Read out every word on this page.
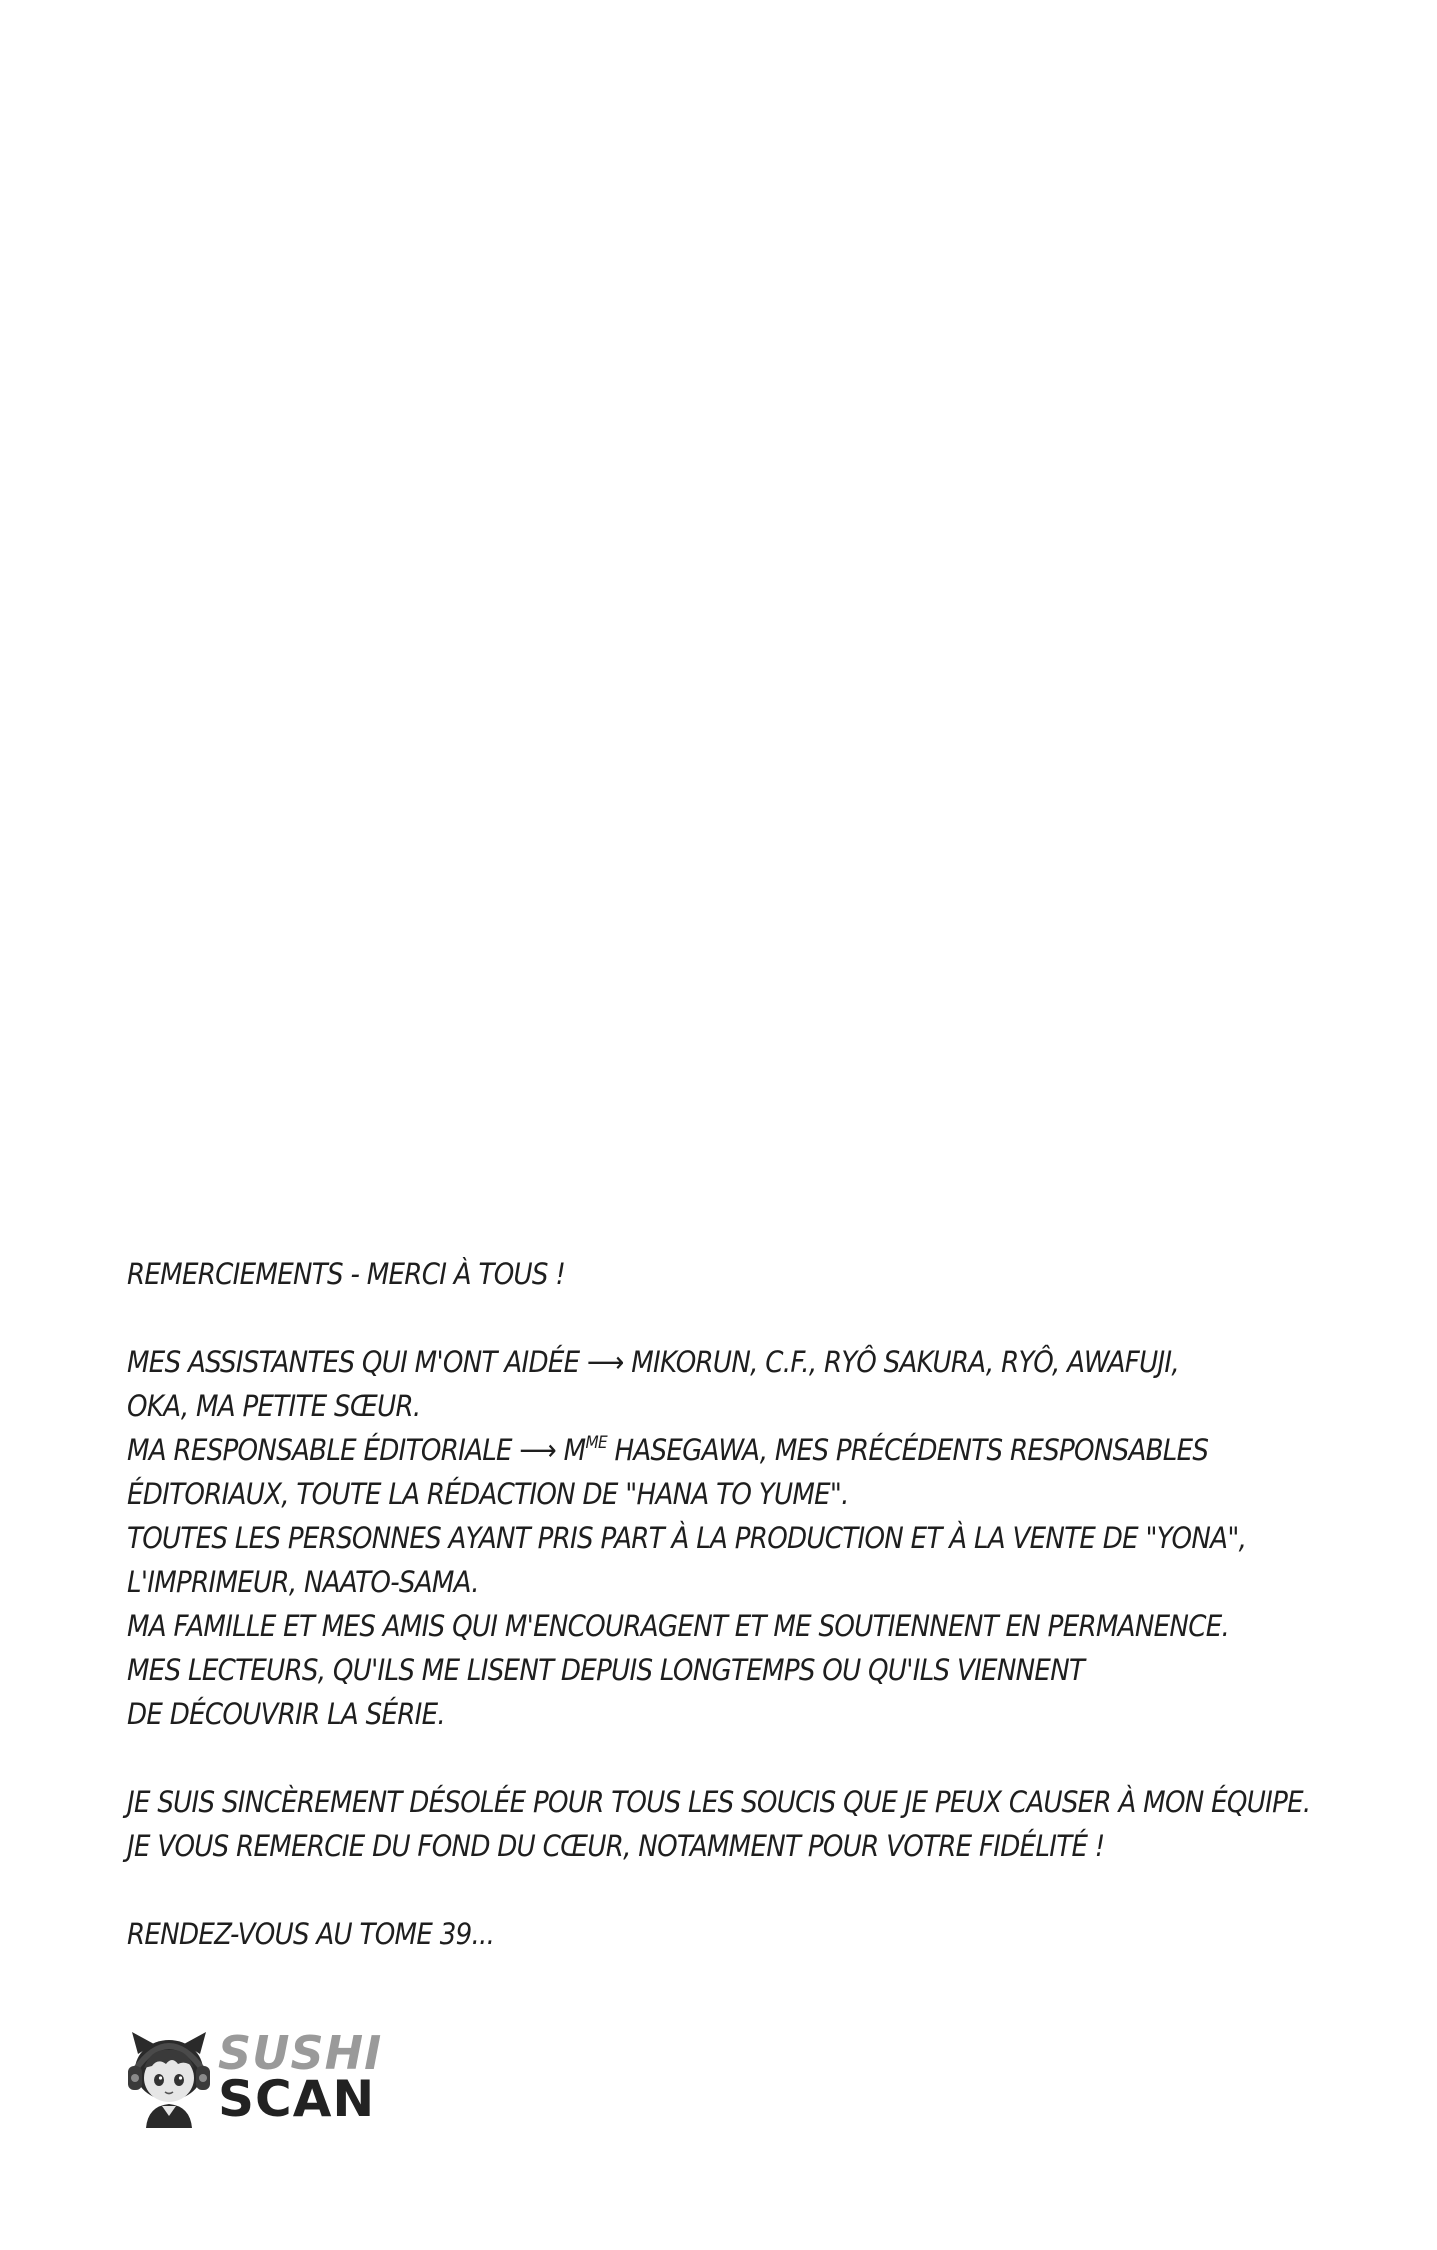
REMERCIEMENTS - MERCI À TOUS !
MES ASSISTANTES QUI M'ONT AIDÉE ⟶ MIKORUN, C.F., RYÔ SAKURA, RYÔ, AWAFUJI,
OKA, MA PETITE SŒUR.
MA RESPONSABLE ÉDITORIALE ⟶ $M^{ME}$ HASEGAWA, MES PRÉCÉDENTS RESPONSABLES
ÉDITORIAUX, TOUTE LA RÉDACTION DE "HANA TO YUME".
TOUTES LES PERSONNES AYANT PRIS PART À LA PRODUCTION ET À LA VENTE DE "YONA",
L'IMPRIMEUR, NAATO-SAMA.
MA FAMILLE ET MES AMIS QUI M'ENCOURAGENT ET ME SOUTIENNENT EN PERMANENCE.
MES LECTEURS, QU'ILS ME LISENT DEPUIS LONGTEMPS OU QU'ILS VIENNENT
DE DÉCOUVRIR LA SÉRIE.
JE SUIS SINCÈREMENT DÉSOLÉE POUR TOUS LES SOUCIS QUE JE PEUX CAUSER À MON ÉQUIPE.
JE VOUS REMERCIE DU FOND DU CŒUR, NOTAMMENT POUR VOTRE FIDÉLITÉ !
RENDEZ-VOUS AU TOME 39...
SUSHI
SCAN
